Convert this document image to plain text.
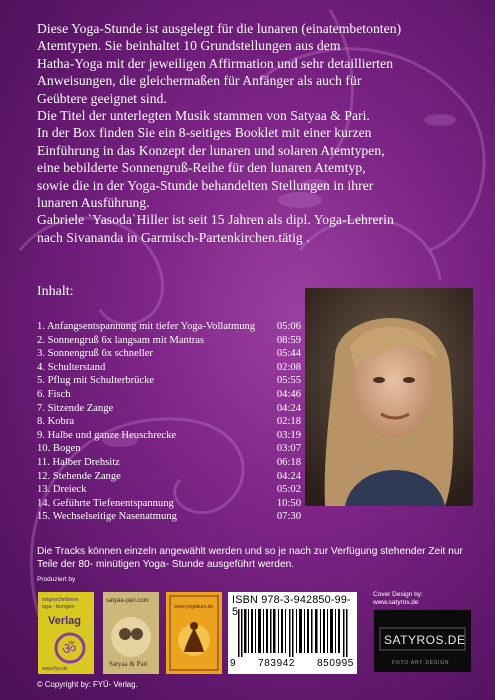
Diese Yoga-Stunde ist ausgelegt für die lunaren (einatembetonten)

Atemtypen. Sie beinhaltet 10 Grundstellungen aus dem

Hatha-Yoga mit der jeweiligen Affirmation und sehr detaillierten

Anweisungen, die gleichermaßen für Anfänger als auch für

Geübtere geeignet sind.

Die Titel der unterlegten Musik stammen von Satyaa & Pari.

In der Box finden Sie ein 8-seitiges Booklet mit einer kurzen

Einführung in das Konzept der lunaren und solaren Atemtypen,

eine bebilderte Sonnengruß-Reihe für den lunaren Atemtyp,

sowie die in der Yoga-Stunde behandelten Stellungen in ihrer

lunaren Ausführung.

Gabriele `Yasoda`Hiller ist seit 15 Jahren als dipl. Yoga-Lehrerin

nach Sivananda in Garmisch-Partenkirchen.tätig .

Inhalt:
1. Anfangsentspannung mit tiefer Yoga-Vollatmung	05:06
2. Sonnengruß 6x langsam mit Mantras	08:59
3. Sonnengruß 6x schneller	05:44
4. Schulterstand	02:08
5. Pflug mit Schulterbrücke	05:55
6. Fisch	04:46
7. Sitzende Zange	04:24
8. Kobra	02:18
9. Halbe und ganze Heuschrecke	03:19
10. Bogen	03:07
11. Halber Drehsitz	06:18
12. Stehende Zange	04:24
13. Dreieck	05:02
14. Geführte Tiefenentspannung	10:50
15. Wechselseitige Nasenatmung	07:30
Die Tracks können einzeln angewählt werden und so je nach zur Verfügung stehender Zeit nur Teile der 80- minütigen Yoga- Stunde ausgeführt werden.
Produziert by
ortgeschrittene
oga - bungen
Verlag
ॐ
www.fyu.de
satyaa-pari.com
Satyaa & Pari
www.yogakurs.de
ISBN 978-3-942850-99-5
9 783942 850995
Cover Design by:
www.satyros.de
SATYROS.DE
FOTO ART DESIGN
© Copyright by: FYÜ- Verlag.
